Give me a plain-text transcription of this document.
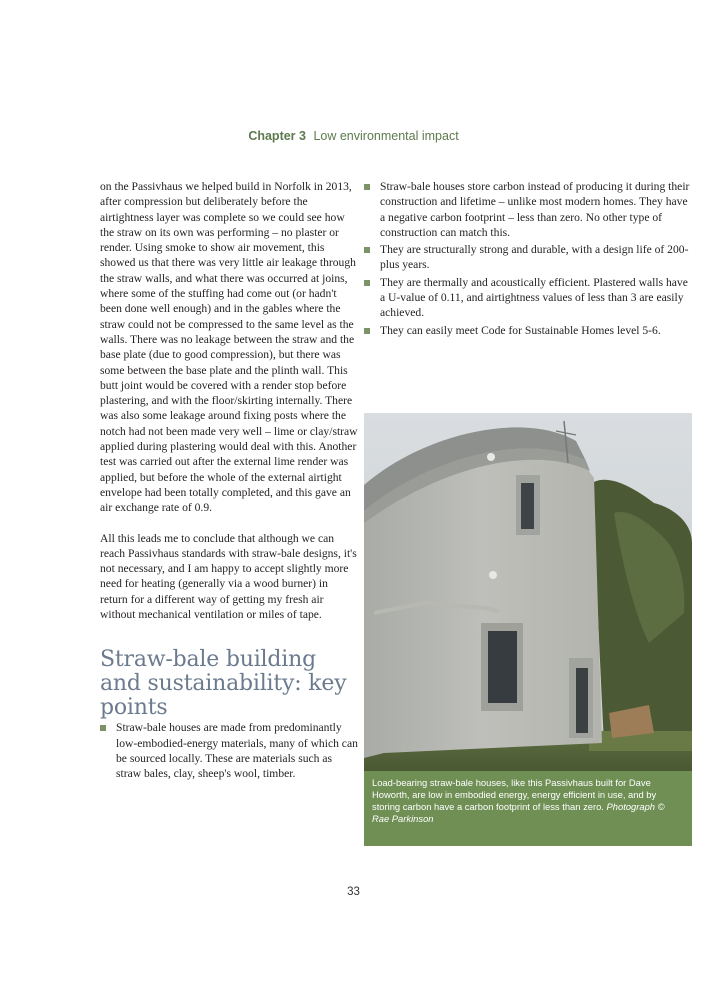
Chapter 3 Low environmental impact

on the Passivhaus we helped build in Norfolk in 2013, after compression but deliberately before the airtightness layer was complete so we could see how the straw on its own was performing – no plaster or render. Using smoke to show air movement, this showed us that there was very little air leakage through the straw walls, and what there was occurred at joins, where some of the stuffing had come out (or hadn't been done well enough) and in the gables where the straw could not be compressed to the same level as the walls. There was no leakage between the straw and the base plate (due to good compression), but there was some between the base plate and the plinth wall. This butt joint would be covered with a render stop before plastering, and with the floor/skirting internally. There was also some leakage around fixing posts where the notch had not been made very well – lime or clay/straw applied during plastering would deal with this. Another test was carried out after the external lime render was applied, but before the whole of the external airtight envelope had been totally completed, and this gave an air exchange rate of 0.9.

All this leads me to conclude that although we can reach Passivhaus standards with straw-bale designs, it's not necessary, and I am happy to accept slightly more need for heating (generally via a wood burner) in return for a different way of getting my fresh air without mechanical ventilation or miles of tape.

Straw-bale building and sustainability: key points
Straw-bale houses are made from predominantly low-embodied-energy materials, many of which can be sourced locally. These are materials such as straw bales, clay, sheep's wool, timber.
Straw-bale houses store carbon instead of producing it during their construction and lifetime – unlike most modern homes. They have a negative carbon footprint – less than zero. No other type of construction can match this.
They are structurally strong and durable, with a design life of 200-plus years.
They are thermally and acoustically efficient. Plastered walls have a U-value of 0.11, and airtightness values of less than 3 are easily achieved.
They can easily meet Code for Sustainable Homes level 5-6.
Load-bearing straw-bale houses, like this Passivhaus built for Dave Howorth, are low in embodied energy, energy efficient in use, and by storing carbon have a carbon footprint of less than zero. Photograph © Rae Parkinson
33
